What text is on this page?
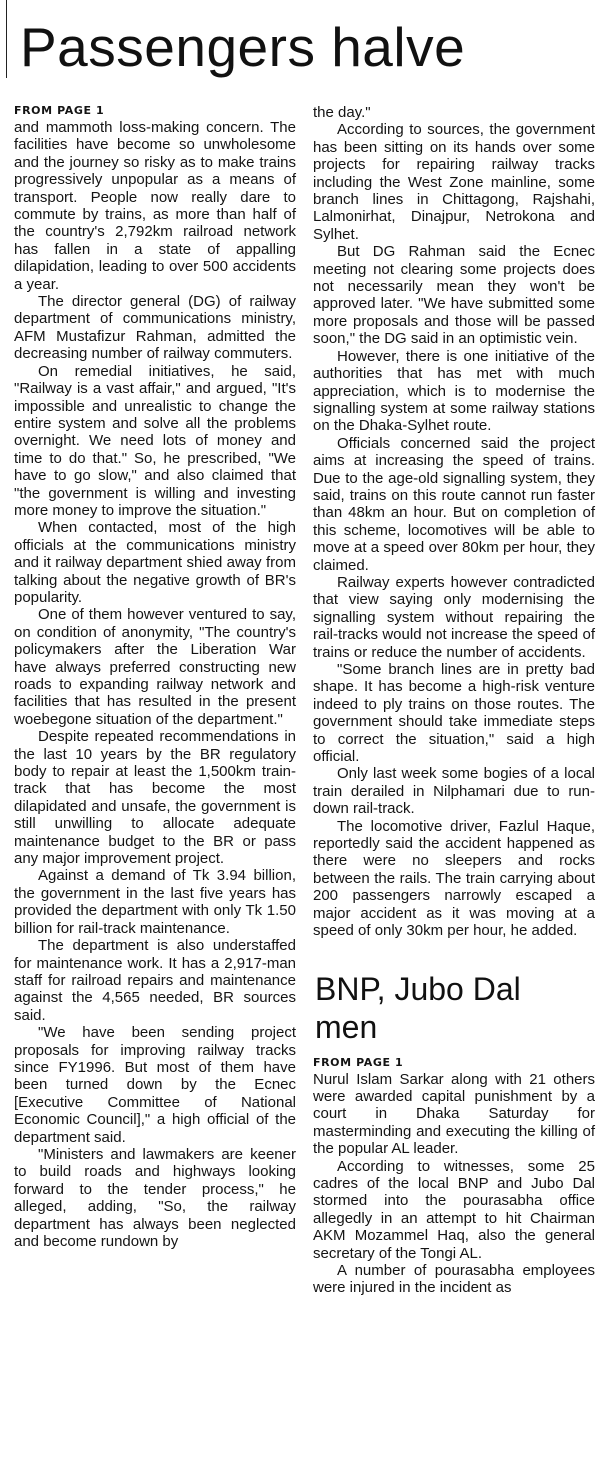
Passengers halve
FROM PAGE 1

and mammoth loss-making concern. The facilities have become so unwholesome and the journey so risky as to make trains progressively unpopular as a means of transport. People now really dare to commute by trains, as more than half of the country's 2,792km railroad network has fallen in a state of appalling dilapidation, leading to over 500 accidents a year.

The director general (DG) of railway department of communications ministry, AFM Mustafizur Rahman, admitted the decreasing number of railway commuters.

On remedial initiatives, he said, "Railway is a vast affair," and argued, "It's impossible and unrealistic to change the entire system and solve all the problems overnight. We need lots of money and time to do that." So, he prescribed, "We have to go slow," and also claimed that "the government is willing and investing more money to improve the situation."

When contacted, most of the high officials at the communications ministry and it railway department shied away from talking about the negative growth of BR's popularity.

One of them however ventured to say, on condition of anonymity, "The country's policymakers after the Liberation War have always preferred constructing new roads to expanding railway network and facilities that has resulted in the present woebegone situation of the department."

Despite repeated recommendations in the last 10 years by the BR regulatory body to repair at least the 1,500km train-track that has become the most dilapidated and unsafe, the government is still unwilling to allocate adequate maintenance budget to the BR or pass any major improvement project.

Against a demand of Tk 3.94 billion, the government in the last five years has provided the department with only Tk 1.50 billion for rail-track maintenance.

The department is also understaffed for maintenance work. It has a 2,917-man staff for railroad repairs and maintenance against the 4,565 needed, BR sources said.

"We have been sending project proposals for improving railway tracks since FY1996. But most of them have been turned down by the Ecnec [Executive Committee of National Economic Council]," a high official of the department said.

"Ministers and lawmakers are keener to build roads and highways looking forward to the tender process," he alleged, adding, "So, the railway department has always been neglected and become rundown by

the day."

According to sources, the government has been sitting on its hands over some projects for repairing railway tracks including the West Zone mainline, some branch lines in Chittagong, Rajshahi, Lalmonirhat, Dinajpur, Netrokona and Sylhet.

But DG Rahman said the Ecnec meeting not clearing some projects does not necessarily mean they won't be approved later. "We have submitted some more proposals and those will be passed soon," the DG said in an optimistic vein.

However, there is one initiative of the authorities that has met with much appreciation, which is to modernise the signalling system at some railway stations on the Dhaka-Sylhet route.

Officials concerned said the project aims at increasing the speed of trains. Due to the age-old signalling system, they said, trains on this route cannot run faster than 48km an hour. But on completion of this scheme, locomotives will be able to move at a speed over 80km per hour, they claimed.

Railway experts however contradicted that view saying only modernising the signalling system without repairing the rail-tracks would not increase the speed of trains or reduce the number of accidents.

"Some branch lines are in pretty bad shape. It has become a high-risk venture indeed to ply trains on those routes. The government should take immediate steps to correct the situation," said a high official.

Only last week some bogies of a local train derailed in Nilphamari due to run-down rail-track.

The locomotive driver, Fazlul Haque, reportedly said the accident happened as there were no sleepers and rocks between the rails. The train carrying about 200 passengers narrowly escaped a major accident as it was moving at a speed of only 30km per hour, he added.

BNP, Jubo Dal
men
FROM PAGE 1

Nurul Islam Sarkar along with 21 others were awarded capital punishment by a court in Dhaka Saturday for masterminding and executing the killing of the popular AL leader.

According to witnesses, some 25 cadres of the local BNP and Jubo Dal stormed into the pourasabha office allegedly in an attempt to hit Chairman AKM Mozammel Haq, also the general secretary of the Tongi AL.

A number of pourasabha employees were injured in the incident as
